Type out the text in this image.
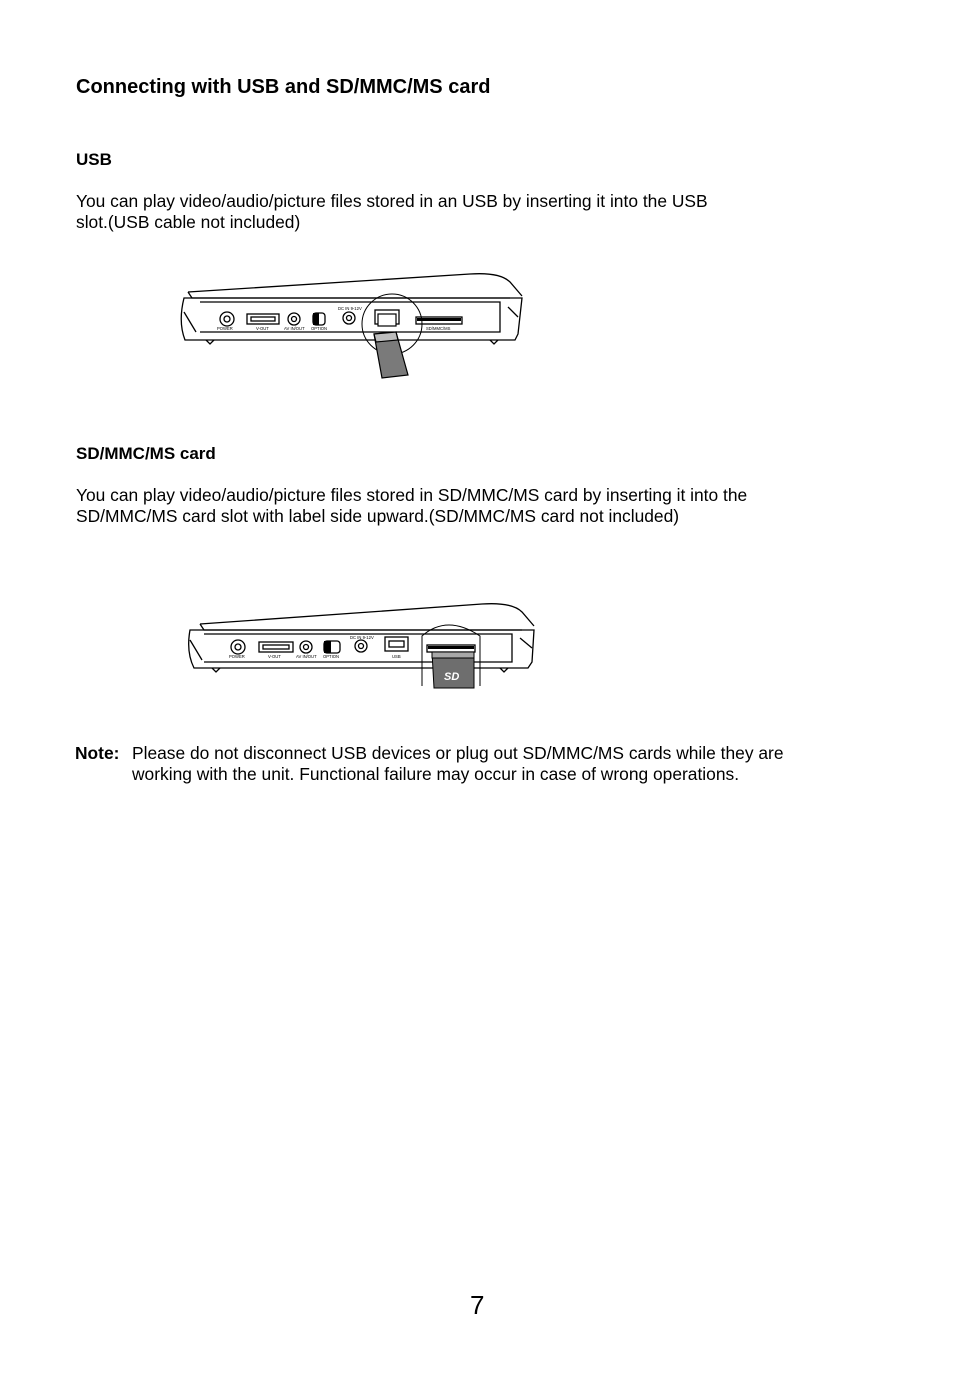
Connecting with USB and SD/MMC/MS card
USB
You can play video/audio/picture files stored in an USB by inserting it into the USB
slot.(USB cable not included)
POWER	V-OUT	AV IN/OUT OPTION
DC IN 9-12V
SD/MMC/MS
SD/MMC/MS card
You can play video/audio/picture files stored in SD/MMC/MS card by inserting it into the
SD/MMC/MS card slot with label side upward.(SD/MMC/MS card not included)
SD
POWER	V-OUT	AV IN/OUT OPTION
DC IN 9-12V
USB
Note: Please do not disconnect USB devices or plug out SD/MMC/MS cards while they are
working with the unit. Functional failure may occur in case of wrong operations.
7
